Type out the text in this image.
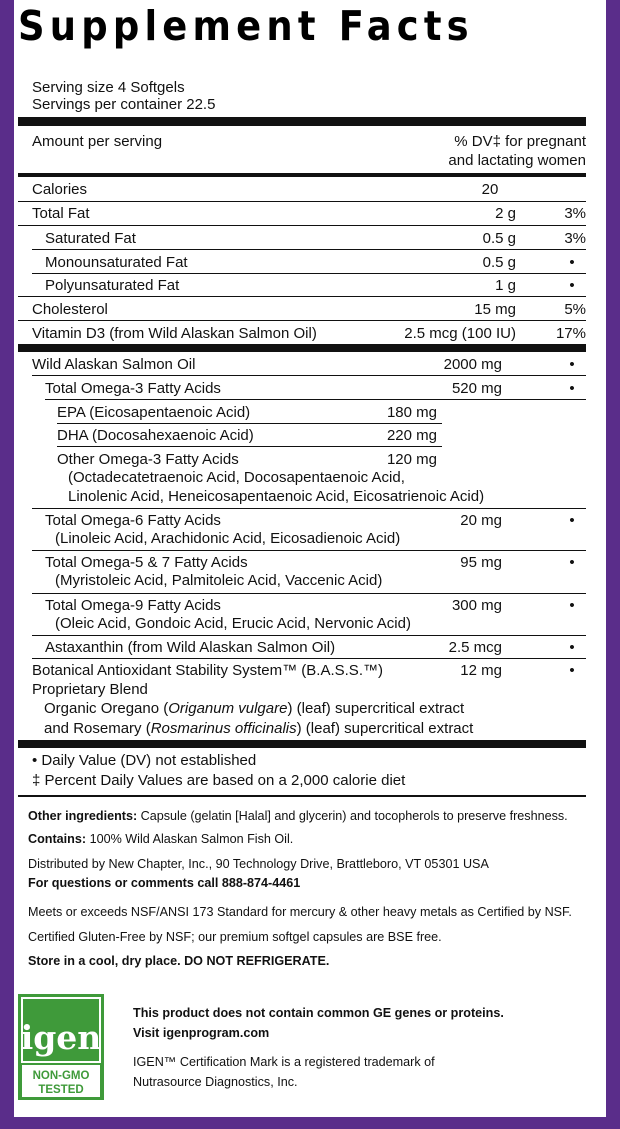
Supplement Facts
Serving size 4 Softgels
Servings per container 22.5
Amount per serving	% DV‡ for pregnant
and lactating women
Calories	20
Total Fat	2 g	3%
Saturated Fat	0.5 g	3%
Monounsaturated Fat	0.5 g	•
Polyunsaturated Fat	1 g	•
Cholesterol	15 mg	5%
Vitamin D3 (from Wild Alaskan Salmon Oil)	2.5 mcg (100 IU)	17%
Wild Alaskan Salmon Oil	2000 mg	•
Total Omega-3 Fatty Acids	520 mg	•
EPA (Eicosapentaenoic Acid)	180 mg
DHA (Docosahexaenoic Acid)	220 mg
Other Omega-3 Fatty Acids	120 mg
(Octadecatetraenoic Acid, Docosapentaenoic Acid,
Linolenic Acid, Heneicosapentaenoic Acid, Eicosatrienoic Acid)
Total Omega-6 Fatty Acids	20 mg	•
(Linoleic Acid, Arachidonic Acid, Eicosadienoic Acid)
Total Omega-5 & 7 Fatty Acids	95 mg	•
(Myristoleic Acid, Palmitoleic Acid, Vaccenic Acid)
Total Omega-9 Fatty Acids	300 mg	•
(Oleic Acid, Gondoic Acid, Erucic Acid, Nervonic Acid)
Astaxanthin (from Wild Alaskan Salmon Oil)	2.5 mcg	•
Botanical Antioxidant Stability System™ (B.A.S.S.™)	12 mg	•
Proprietary Blend
Organic Oregano (Origanum vulgare) (leaf) supercritical extract
and Rosemary (Rosmarinus officinalis) (leaf) supercritical extract
• Daily Value (DV) not established
‡ Percent Daily Values are based on a 2,000 calorie diet
Other ingredients: Capsule (gelatin [Halal] and glycerin) and tocopherols to preserve freshness.
Contains: 100% Wild Alaskan Salmon Fish Oil.
Distributed by New Chapter, Inc., 90 Technology Drive, Brattleboro, VT 05301 USA
For questions or comments call 888-874-4461
Meets or exceeds NSF/ANSI 173 Standard for mercury & other heavy metals as Certified by NSF.
Certified Gluten-Free by NSF; our premium softgel capsules are BSE free.
Store in a cool, dry place. DO NOT REFRIGERATE.
igen
NON-GMO
TESTED
This product does not contain common GE genes or proteins.
Visit igenprogram.com
IGEN™ Certification Mark is a registered trademark of
Nutrasource Diagnostics, Inc.
